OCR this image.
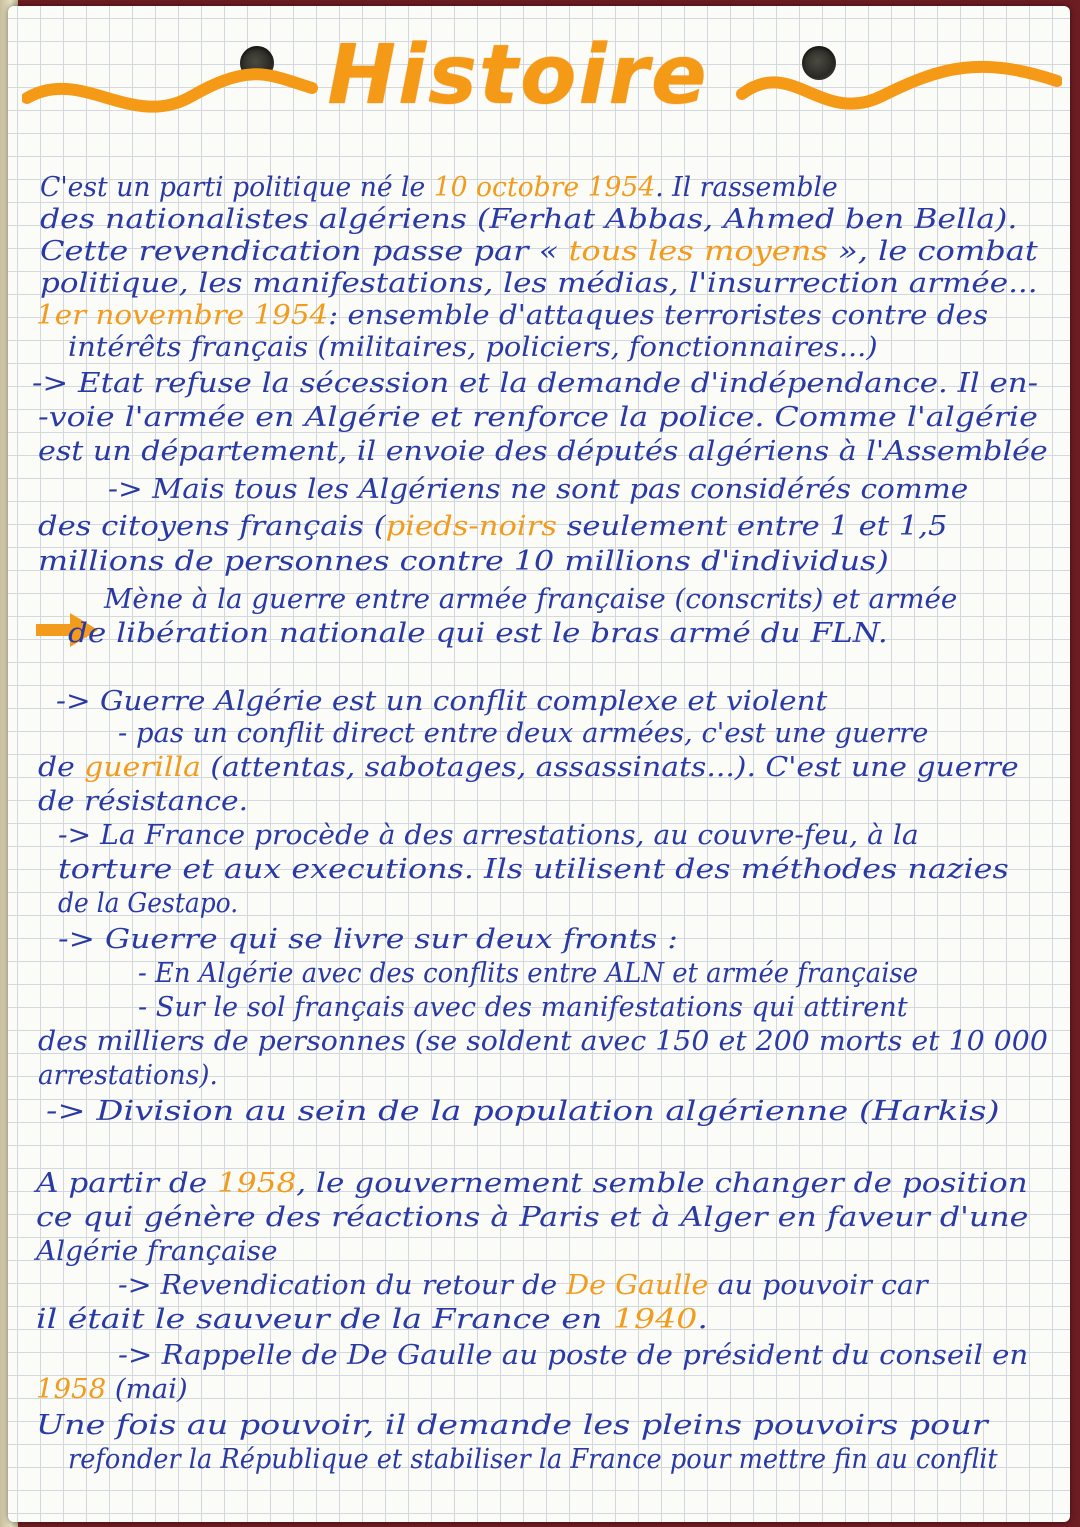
Histoire
C'est un parti politique né le 10 octobre 1954. Il rassemble
des nationalistes algériens (Ferhat Abbas, Ahmed ben Bella).
Cette revendication passe par « tous les moyens », le combat
politique, les manifestations, les médias, l'insurrection armée...
1er novembre 1954: ensemble d'attaques terroristes contre des
intérêts français (militaires, policiers, fonctionnaires...)
-> Etat refuse la sécession et la demande d'indépendance. Il en-
-voie l'armée en Algérie et renforce la police. Comme l'algérie
est un département, il envoie des députés algériens à l'Assemblée
-> Mais tous les Algériens ne sont pas considérés comme
des citoyens français (pieds-noirs seulement entre 1 et 1,5
millions de personnes contre 10 millions d'individus)
Mène à la guerre entre armée française (conscrits) et armée
de libération nationale qui est le bras armé du FLN.
-> Guerre Algérie est un conflit complexe et violent
- pas un conflit direct entre deux armées, c'est une guerre
de guerilla (attentas, sabotages, assassinats...). C'est une guerre
de résistance.
-> La France procède à des arrestations, au couvre-feu, à la
torture et aux executions. Ils utilisent des méthodes nazies
de la Gestapo.
-> Guerre qui se livre sur deux fronts :
- En Algérie avec des conflits entre ALN et armée française
- Sur le sol français avec des manifestations qui attirent
des milliers de personnes (se soldent avec 150 et 200 morts et 10 000
arrestations).
-> Division au sein de la population algérienne (Harkis)
A partir de 1958, le gouvernement semble changer de position
ce qui génère des réactions à Paris et à Alger en faveur d'une
Algérie française
-> Revendication du retour de De Gaulle au pouvoir car
il était le sauveur de la France en 1940.
-> Rappelle de De Gaulle au poste de président du conseil en
1958 (mai)
Une fois au pouvoir, il demande les pleins pouvoirs pour
refonder la République et stabiliser la France pour mettre fin au conflit
